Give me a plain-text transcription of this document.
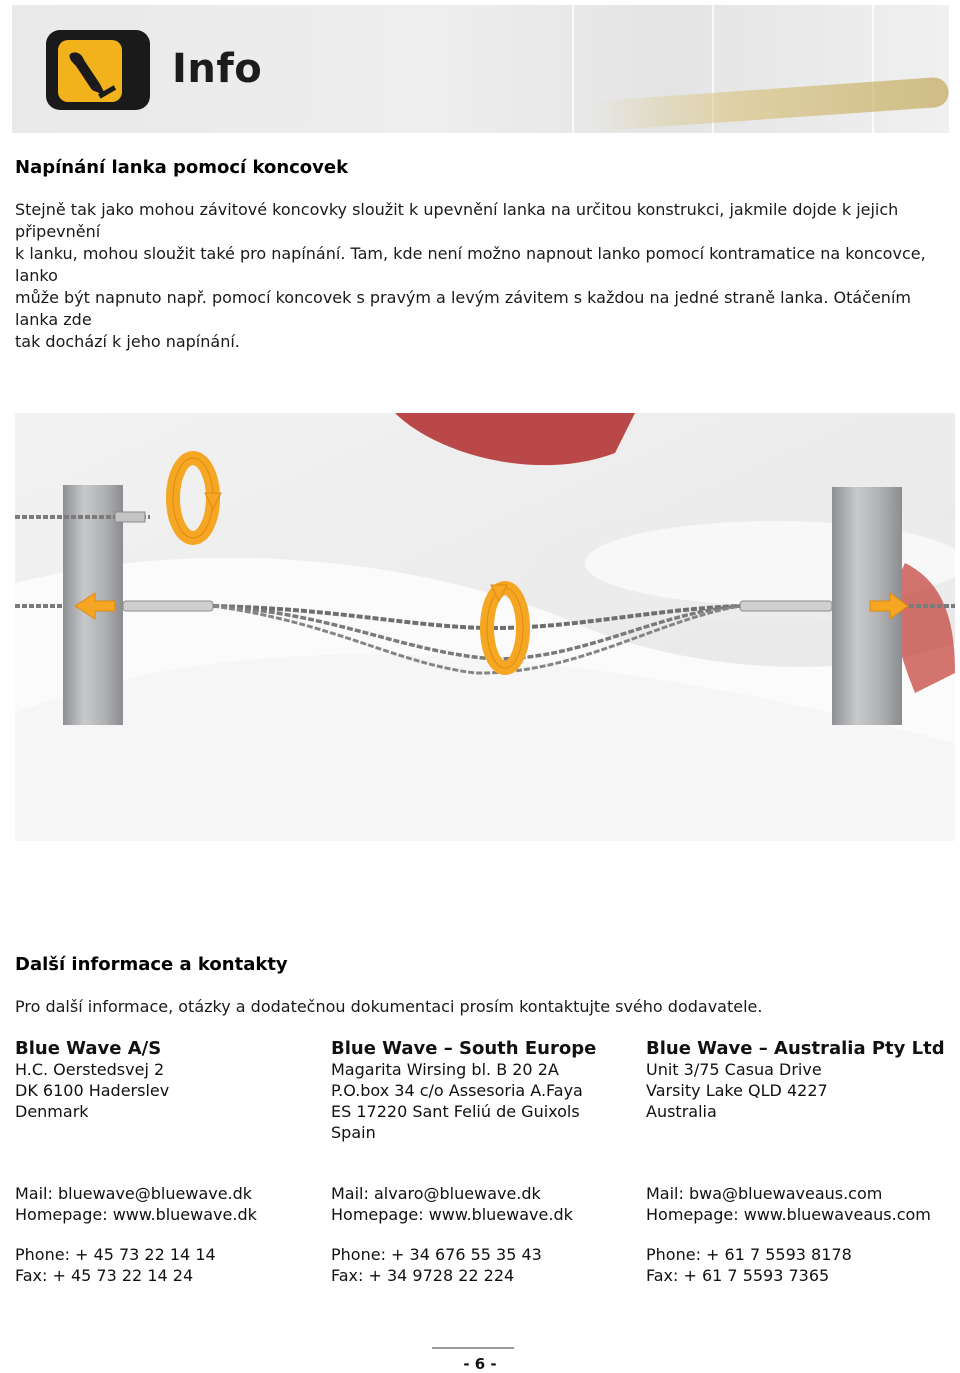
Info
Napínání lanka pomocí koncovek
Stejně tak jako mohou závitové koncovky sloužit k upevnění lanka na určitou konstrukci, jakmile dojde k jejich připevnění
k lanku, mohou sloužit také pro napínání. Tam, kde není možno napnout lanko pomocí kontramatice na koncovce, lanko
může být napnuto např. pomocí koncovek s pravým a levým závitem s každou na jedné straně lanka. Otáčením lanka zde
tak dochází k jeho napínání.
Další informace a kontakty
Pro další informace, otázky a dodatečnou dokumentaci prosím kontaktujte svého dodavatele.
Blue Wave A/S
H.C. Oerstedsvej 2
DK 6100 Haderslev
Denmark
Blue Wave – South Europe
Magarita Wirsing bl. B 20 2A
P.O.box 34 c/o Assesoria A.Faya
ES 17220 Sant Feliú de Guixols
Spain
Blue Wave – Australia Pty Ltd
Unit 3/75 Casua Drive
Varsity Lake QLD 4227
Australia
Mail: bluewave@bluewave.dk
Homepage: www.bluewave.dk
Mail: alvaro@bluewave.dk
Homepage: www.bluewave.dk
Mail: bwa@bluewaveaus.com
Homepage: www.bluewaveaus.com
Phone: + 45 73 22 14 14
Fax: + 45 73 22 14 24
Phone: + 34 676 55 35 43
Fax: + 34 9728 22 224
Phone: + 61 7 5593 8178
Fax: + 61 7 5593 7365
- 6 -
